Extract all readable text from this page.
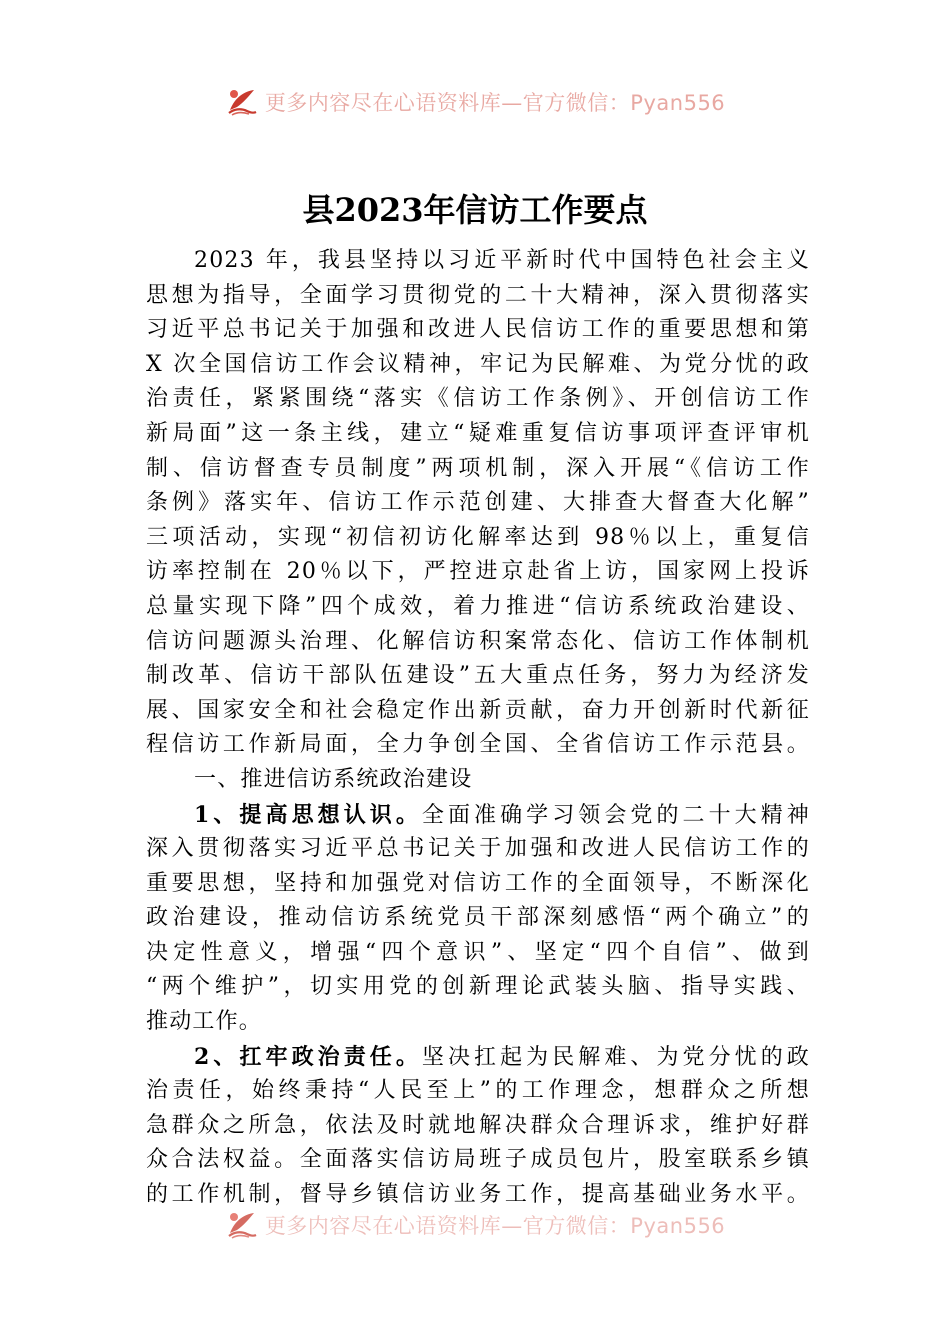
更多内容尽在心语资料库—官方微信：Pyan556
县2023年信访工作要点
2023 年，我县坚持以习近平新时代中国特色社会主义
思想为指导，全面学习贯彻党的二十大精神，深入贯彻落实
习近平总书记关于加强和改进人民信访工作的重要思想和第
X 次全国信访工作会议精神，牢记为民解难、为党分忧的政
治责任，紧紧围绕“落实《信访工作条例》、开创信访工作
新局面”这一条主线，建立“疑难重复信访事项评查评审机
制、信访督查专员制度”两项机制，深入开展“《信访工作
条例》落实年、信访工作示范创建、大排查大督查大化解”
三项活动，实现“初信初访化解率达到 98％以上，重复信
访率控制在 20％以下，严控进京赴省上访，国家网上投诉
总量实现下降”四个成效，着力推进“信访系统政治建设、
信访问题源头治理、化解信访积案常态化、信访工作体制机
制改革、信访干部队伍建设”五大重点任务，努力为经济发
展、国家安全和社会稳定作出新贡献，奋力开创新时代新征
程信访工作新局面，全力争创全国、全省信访工作示范县。
一、推进信访系统政治建设
1、提高思想认识。全面准确学习领会党的二十大精神
深入贯彻落实习近平总书记关于加强和改进人民信访工作的
重要思想，坚持和加强党对信访工作的全面领导，不断深化
政治建设，推动信访系统党员干部深刻感悟“两个确立”的
决定性意义，增强“四个意识”、坚定“四个自信”、做到
“两个维护”，切实用党的创新理论武装头脑、指导实践、
推动工作。
2、扛牢政治责任。坚决扛起为民解难、为党分忧的政
治责任，始终秉持“人民至上”的工作理念，想群众之所想
急群众之所急，依法及时就地解决群众合理诉求，维护好群
众合法权益。全面落实信访局班子成员包片，股室联系乡镇
的工作机制，督导乡镇信访业务工作，提高基础业务水平。
更多内容尽在心语资料库—官方微信：Pyan556
